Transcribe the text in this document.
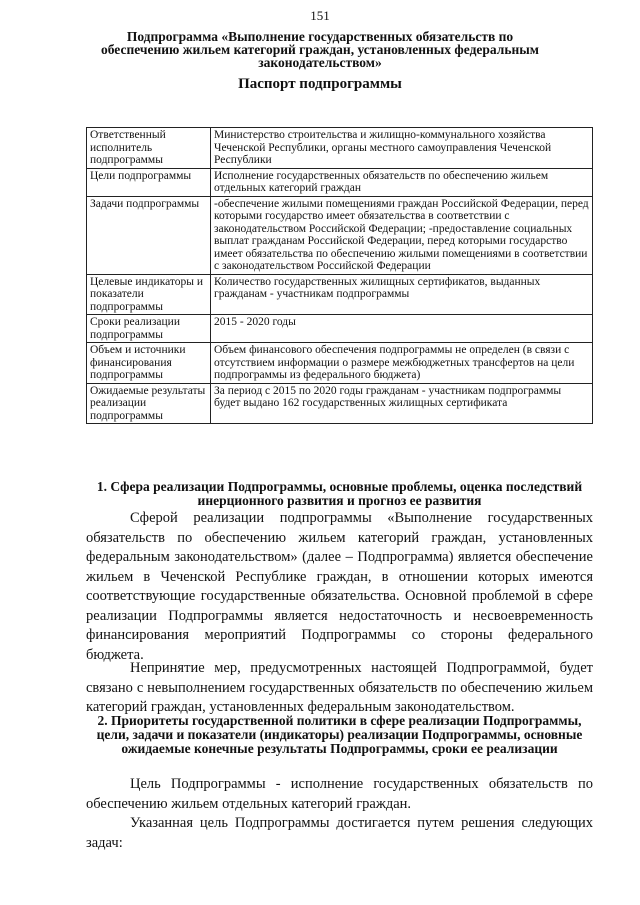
151
Подпрограмма «Выполнение государственных обязательств по обеспечению жильем категорий граждан, установленных федеральным законодательством»
Паспорт подпрограммы
Ответственный исполнитель подпрограммы	Министерство строительства и жилищно-коммунального хозяйства Чеченской Республики, органы местного самоуправления Чеченской Республики
Цели подпрограммы	Исполнение государственных обязательств по обеспечению жильем отдельных категорий граждан
Задачи подпрограммы	-обеспечение жилыми помещениями граждан Российской Федерации, перед которыми государство имеет обязательства в соответствии с законодательством Российской Федерации; -предоставление социальных выплат гражданам Российской Федерации, перед которыми государство имеет обязательства по обеспечению жилыми помещениями в соответствии с законодательством Российской Федерации
Целевые индикаторы и показатели подпрограммы	Количество государственных жилищных сертификатов, выданных гражданам - участникам подпрограммы
Сроки реализации подпрограммы	2015 - 2020 годы
Объем и источники финансирования подпрограммы	Объем финансового обеспечения подпрограммы не определен (в связи с отсутствием информации о размере межбюджетных трансфертов на цели подпрограммы из федерального бюджета)
Ожидаемые результаты реализации подпрограммы	За период с 2015 по 2020 годы гражданам - участникам подпрограммы будет выдано 162 государственных жилищных сертификата
1. Сфера реализации Подпрограммы, основные проблемы, оценка последствий инерционного развития и прогноз ее развития
Сферой реализации подпрограммы «Выполнение государственных обязательств по обеспечению жильем категорий граждан, установленных федеральным законодательством» (далее – Подпрограмма) является обеспечение жильем в Чеченской Республике граждан, в отношении которых имеются соответствующие государственные обязательства. Основной проблемой в сфере реализации Подпрограммы является недостаточность и несвоевременность финансирования мероприятий Подпрограммы со стороны федерального бюджета.
Непринятие мер, предусмотренных настоящей Подпрограммой, будет связано с невыполнением государственных обязательств по обеспечению жильем категорий граждан, установленных федеральным законодательством.
2. Приоритеты государственной политики в сфере реализации Подпрограммы, цели, задачи и показатели (индикаторы) реализации Подпрограммы, основные ожидаемые конечные результаты Подпрограммы, сроки ее реализации
Цель Подпрограммы - исполнение государственных обязательств по обеспечению жильем отдельных категорий граждан.
Указанная цель Подпрограммы достигается путем решения следующих задач:
